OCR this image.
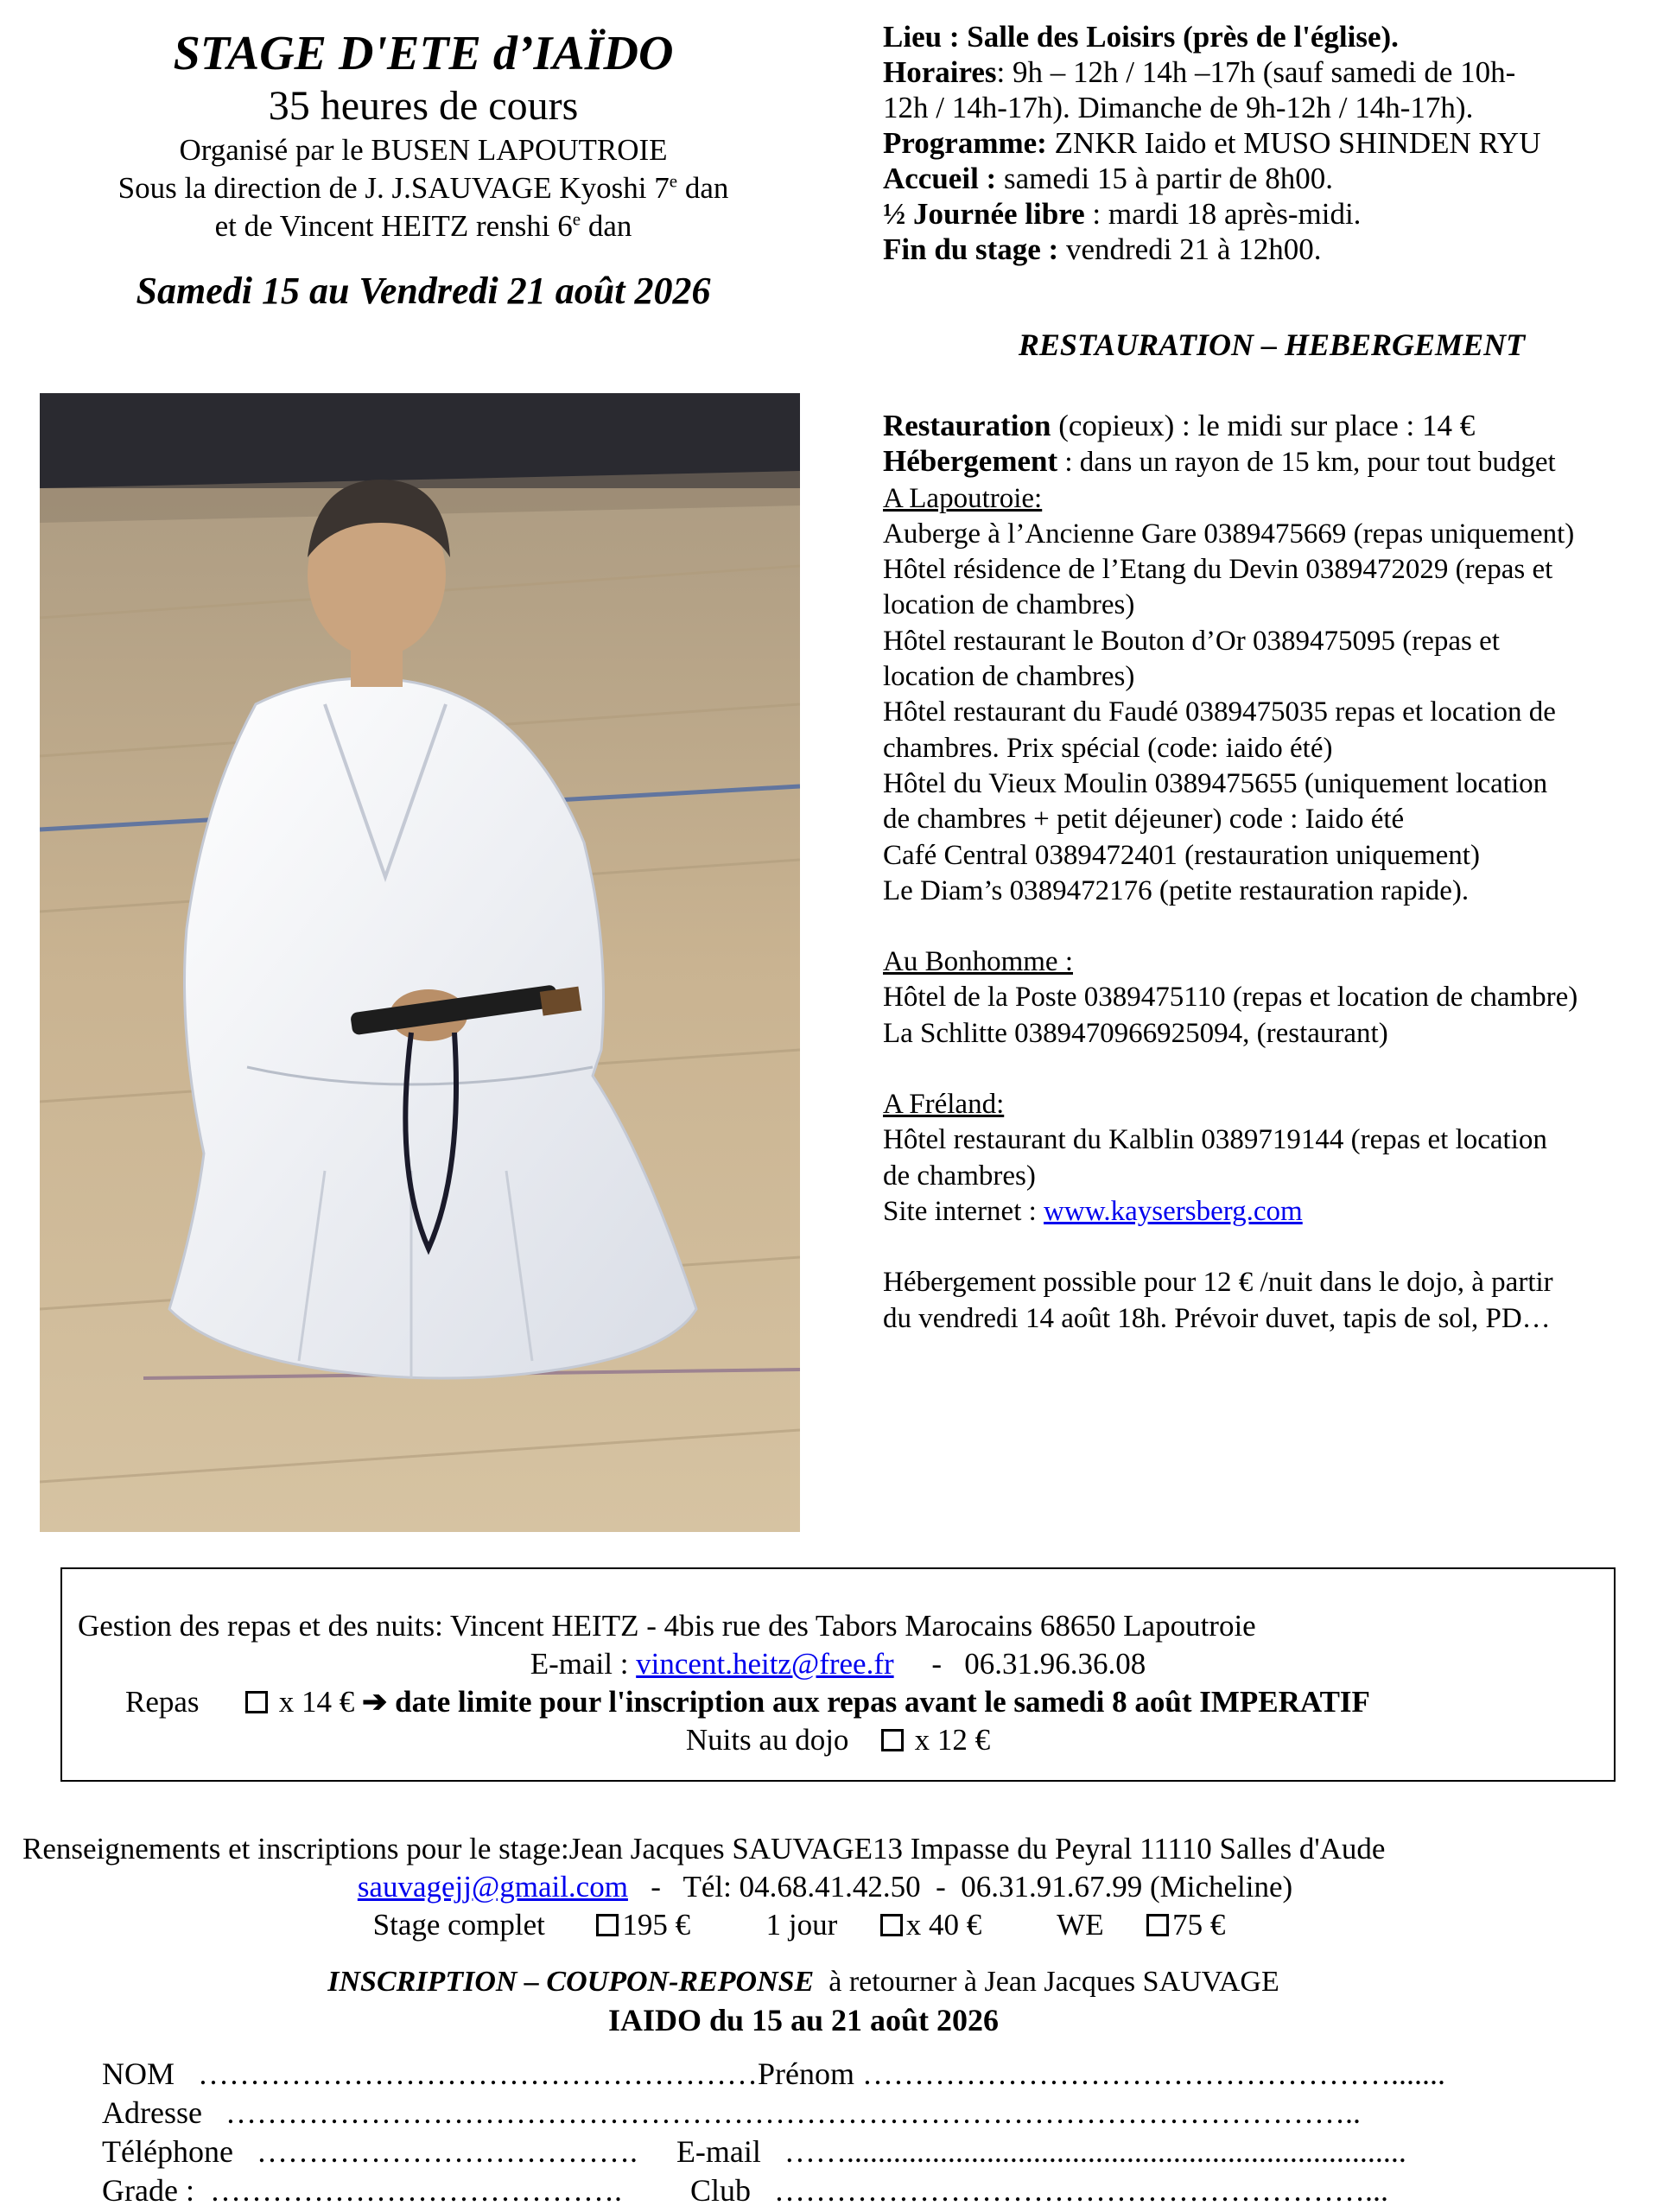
STAGE D'ETE d’IAÏDO
35 heures de cours
Organisé par le BUSEN LAPOUTROIE
Sous la direction de J. J.SAUVAGE Kyoshi 7e dan
et de Vincent HEITZ renshi 6e dan
Samedi 15 au Vendredi 21 août 2026
Lieu : Salle des Loisirs (près de l'église).
Horaires: 9h – 12h / 14h –17h (sauf samedi de 10h-
12h / 14h-17h). Dimanche de 9h-12h / 14h-17h).
Programme: ZNKR Iaido et MUSO SHINDEN RYU
Accueil : samedi 15 à partir de 8h00.
½ Journée libre : mardi 18 après-midi.
Fin du stage : vendredi 21 à 12h00.
RESTAURATION – HEBERGEMENT
Restauration (copieux) : le midi sur place : 14 €
Hébergement : dans un rayon de 15 km, pour tout budget
A Lapoutroie:
Auberge à l’Ancienne Gare 0389475669 (repas uniquement)
Hôtel résidence de l’Etang du Devin 0389472029 (repas et
location de chambres)
Hôtel restaurant le Bouton d’Or 0389475095 (repas et
location de chambres)
Hôtel restaurant du Faudé 0389475035 repas et location de
chambres. Prix spécial (code: iaido été)
Hôtel du Vieux Moulin 0389475655 (uniquement location
de chambres + petit déjeuner) code : Iaido été
Café Central 0389472401 (restauration uniquement)
Le Diam’s 0389472176 (petite restauration rapide).
Au Bonhomme :
Hôtel de la Poste 0389475110 (repas et location de chambre)
La Schlitte 0389470966925094, (restaurant)
A Fréland:
Hôtel restaurant du Kalblin 0389719144 (repas et location
de chambres)
Site internet : www.kaysersberg.com
Hébergement possible pour 12 € /nuit dans le dojo, à partir
du vendredi 14 août 18h. Prévoir duvet, tapis de sol, PD…
Gestion des repas et des nuits: Vincent HEITZ - 4bis rue des Tabors Marocains 68650 Lapoutroie
E-mail : vincent.heitz@free.fr     -   06.31.96.36.08
Repas	x 14 € ➔ date limite pour l'inscription aux repas avant le samedi 8 août IMPERATIF
Nuits au dojo x 12 €
Renseignements et inscriptions pour le stage:Jean Jacques SAUVAGE13 Impasse du Peyral 11110 Salles d'Aude
sauvagejj@gmail.com   -   Tél: 04.68.41.42.50  -  06.31.91.67.99 (Micheline)
Stage complet	195 €	1 jour x 40 € WE 75 €
INSCRIPTION – COUPON-REPONSE  à retourner à Jean Jacques SAUVAGE
IAIDO du 15 au 21 août 2026
NOM   ………………………………………………Prénom …………………………………………….......
Adresse   ………………………………………………………………………………………………..
Téléphone   ……………………………….     E-mail   ……........................................................................
Grade :  ………………………………….     Club   …………………………………………………...
